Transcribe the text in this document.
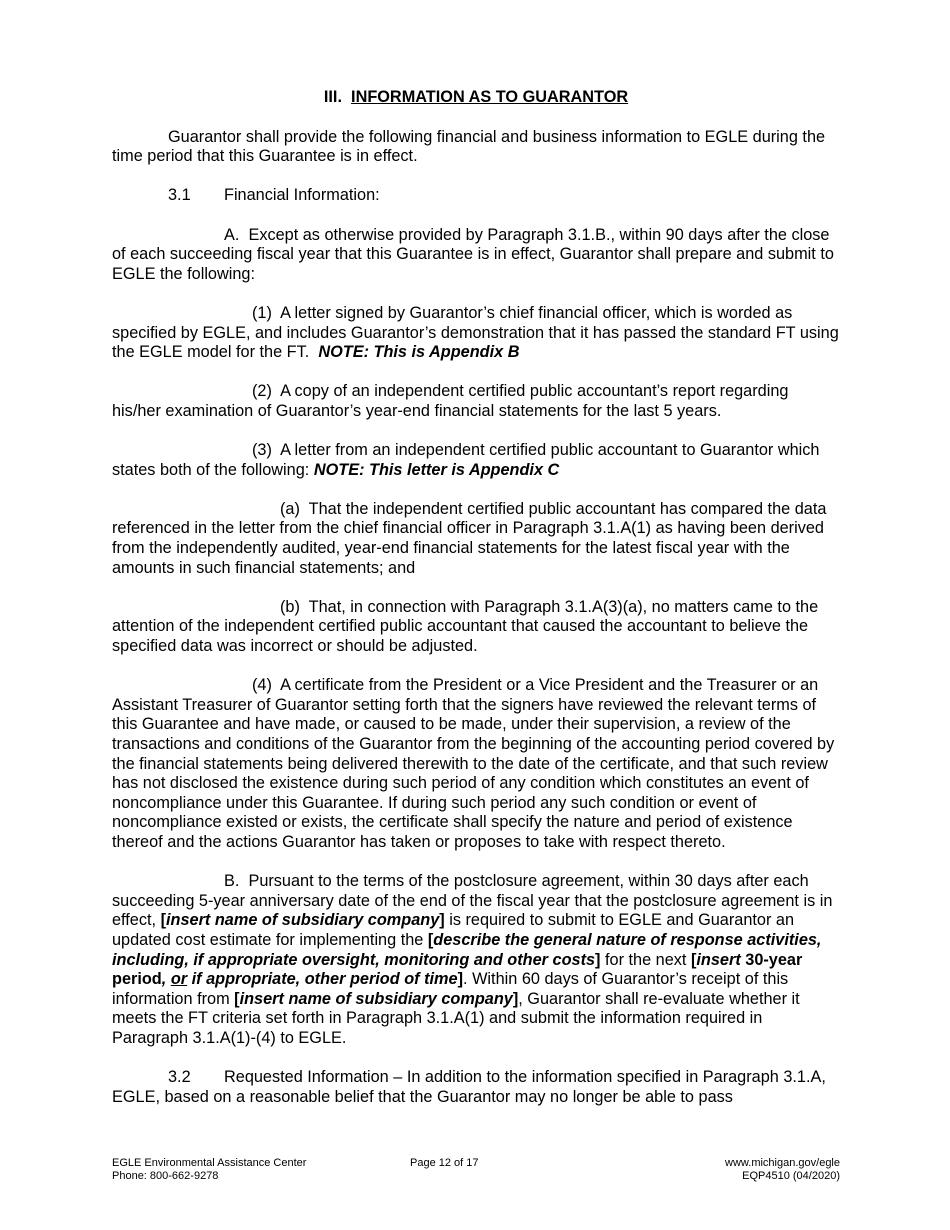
III. INFORMATION AS TO GUARANTOR

Guarantor shall provide the following financial and business information to EGLE during the time period that this Guarantee is in effect.

3.1 Financial Information:

A. Except as otherwise provided by Paragraph 3.1.B., within 90 days after the close of each succeeding fiscal year that this Guarantee is in effect, Guarantor shall prepare and submit to EGLE the following:

(1) A letter signed by Guarantor’s chief financial officer, which is worded as specified by EGLE, and includes Guarantor’s demonstration that it has passed the standard FT using the EGLE model for the FT. NOTE: This is Appendix B

(2) A copy of an independent certified public accountant’s report regarding his/her examination of Guarantor’s year-end financial statements for the last 5 years.

(3) A letter from an independent certified public accountant to Guarantor which states both of the following: NOTE: This letter is Appendix C

(a) That the independent certified public accountant has compared the data referenced in the letter from the chief financial officer in Paragraph 3.1.A(1) as having been derived from the independently audited, year-end financial statements for the latest fiscal year with the amounts in such financial statements; and

(b) That, in connection with Paragraph 3.1.A(3)(a), no matters came to the attention of the independent certified public accountant that caused the accountant to believe the specified data was incorrect or should be adjusted.

(4) A certificate from the President or a Vice President and the Treasurer or an Assistant Treasurer of Guarantor setting forth that the signers have reviewed the relevant terms of this Guarantee and have made, or caused to be made, under their supervision, a review of the transactions and conditions of the Guarantor from the beginning of the accounting period covered by the financial statements being delivered therewith to the date of the certificate, and that such review has not disclosed the existence during such period of any condition which constitutes an event of noncompliance under this Guarantee. If during such period any such condition or event of noncompliance existed or exists, the certificate shall specify the nature and period of existence thereof and the actions Guarantor has taken or proposes to take with respect thereto.

B. Pursuant to the terms of the postclosure agreement, within 30 days after each succeeding 5-year anniversary date of the end of the fiscal year that the postclosure agreement is in effect, [insert name of subsidiary company] is required to submit to EGLE and Guarantor an updated cost estimate for implementing the [describe the general nature of response activities, including, if appropriate oversight, monitoring and other costs] for the next [insert 30-year period, or if appropriate, other period of time]. Within 60 days of Guarantor’s receipt of this information from [insert name of subsidiary company], Guarantor shall re-evaluate whether it meets the FT criteria set forth in Paragraph 3.1.A(1) and submit the information required in Paragraph 3.1.A(1)-(4) to EGLE.

3.2 Requested Information – In addition to the information specified in Paragraph 3.1.A, EGLE, based on a reasonable belief that the Guarantor may no longer be able to pass

EGLE Environmental Assistance Center
Phone: 800-662-9278
Page 12 of 17	www.michigan.gov/egle
EQP4510 (04/2020)
